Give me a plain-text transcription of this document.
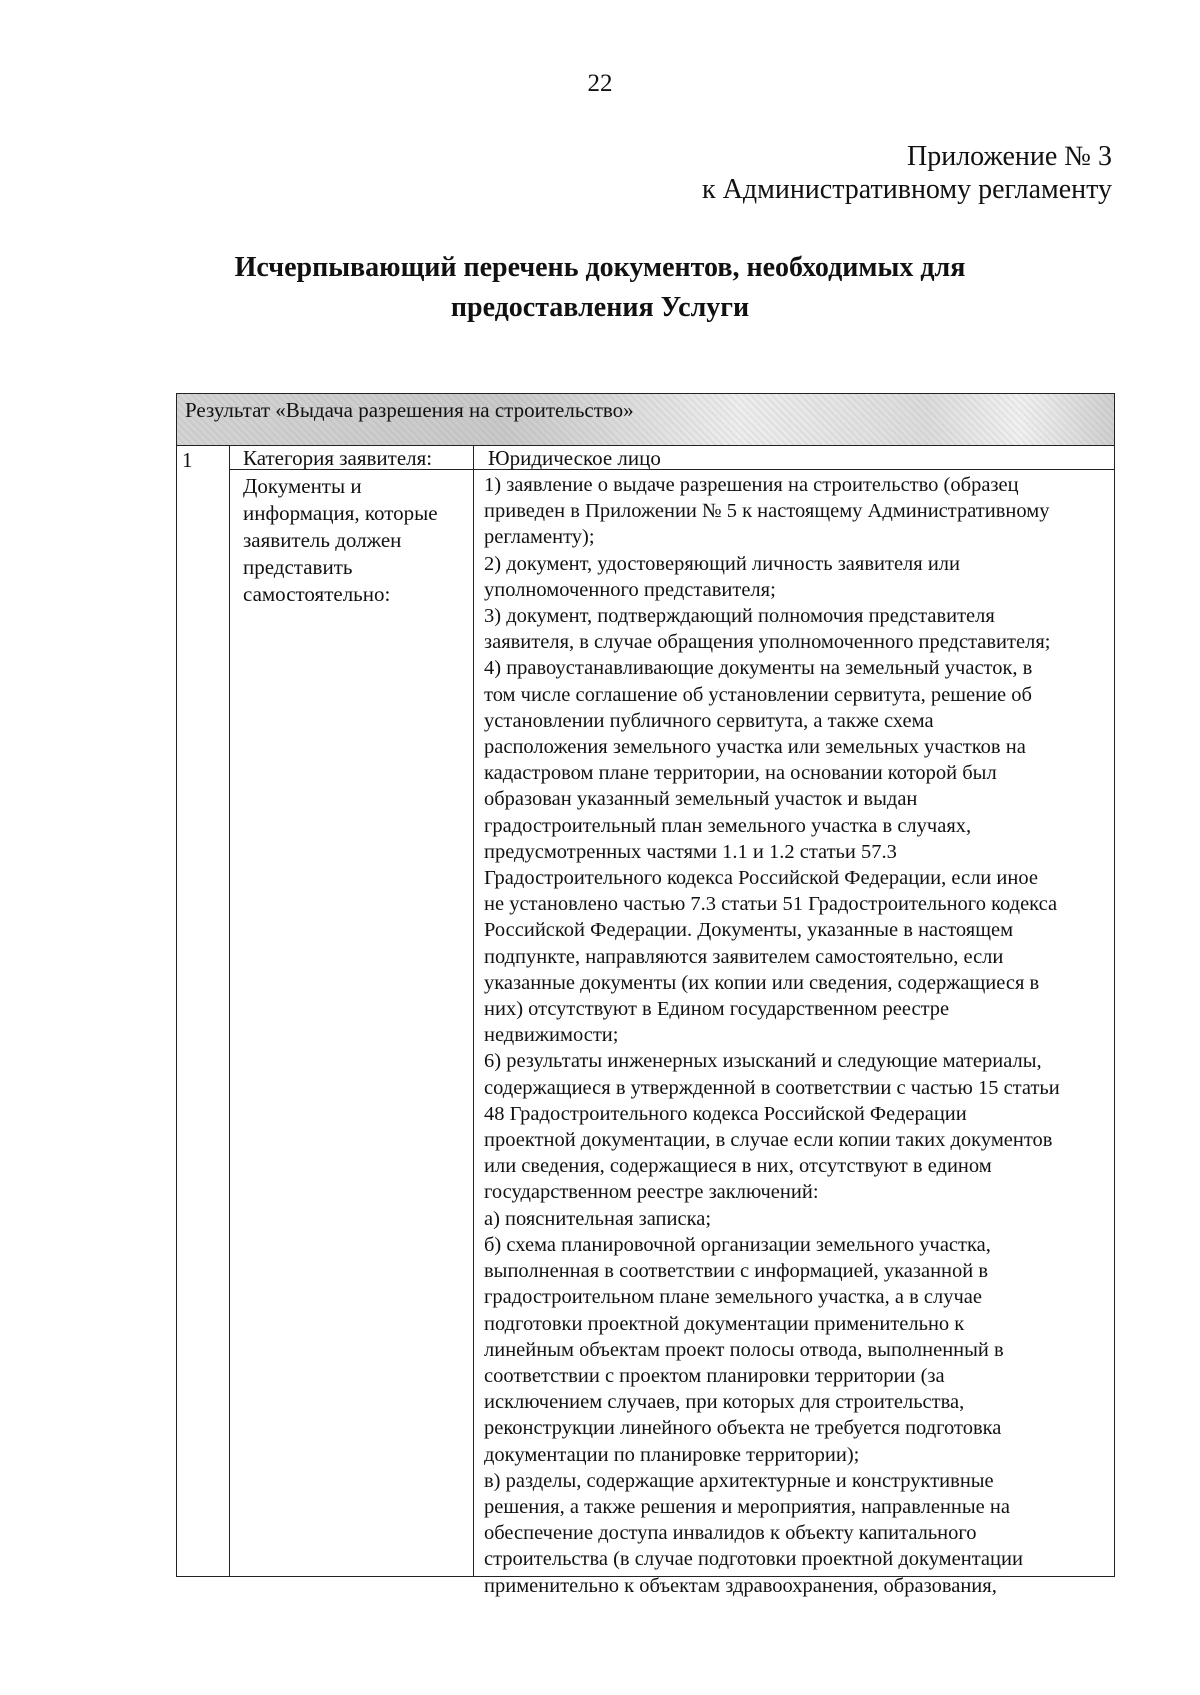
22
Приложение № 3
к Административному регламенту
Исчерпывающий перечень документов, необходимых для
предоставления Услуги
Результат «Выдача разрешения на строительство»
1 Категория заявителя:	Юридическое лицо
Документы и
информация, которые
заявитель должен
представить
самостоятельно:
1) заявление о выдаче разрешения на строительство (образец
приведен в Приложении № 5 к настоящему Административному
регламенту);
2) документ, удостоверяющий личность заявителя или
уполномоченного представителя;
3) документ, подтверждающий полномочия представителя
заявителя, в случае обращения уполномоченного представителя;
4) правоустанавливающие документы на земельный участок, в
том числе соглашение об установлении сервитута, решение об
установлении публичного сервитута, а также схема
расположения земельного участка или земельных участков на
кадастровом плане территории, на основании которой был
образован указанный земельный участок и выдан
градостроительный план земельного участка в случаях,
предусмотренных частями 1.1 и 1.2 статьи 57.3
Градостроительного кодекса Российской Федерации, если иное
не установлено частью 7.3 статьи 51 Градостроительного кодекса
Российской Федерации. Документы, указанные в настоящем
подпункте, направляются заявителем самостоятельно, если
указанные документы (их копии или сведения, содержащиеся в
них) отсутствуют в Едином государственном реестре
недвижимости;
6) результаты инженерных изысканий и следующие материалы,
содержащиеся в утвержденной в соответствии с частью 15 статьи
48 Градостроительного кодекса Российской Федерации
проектной документации, в случае если копии таких документов
или сведения, содержащиеся в них, отсутствуют в едином
государственном реестре заключений:
а) пояснительная записка;
б) схема планировочной организации земельного участка,
выполненная в соответствии с информацией, указанной в
градостроительном плане земельного участка, а в случае
подготовки проектной документации применительно к
линейным объектам проект полосы отвода, выполненный в
соответствии с проектом планировки территории (за
исключением случаев, при которых для строительства,
реконструкции линейного объекта не требуется подготовка
документации по планировке территории);
в) разделы, содержащие архитектурные и конструктивные
решения, а также решения и мероприятия, направленные на
обеспечение доступа инвалидов к объекту капитального
строительства (в случае подготовки проектной документации
применительно к объектам здравоохранения, образования,
